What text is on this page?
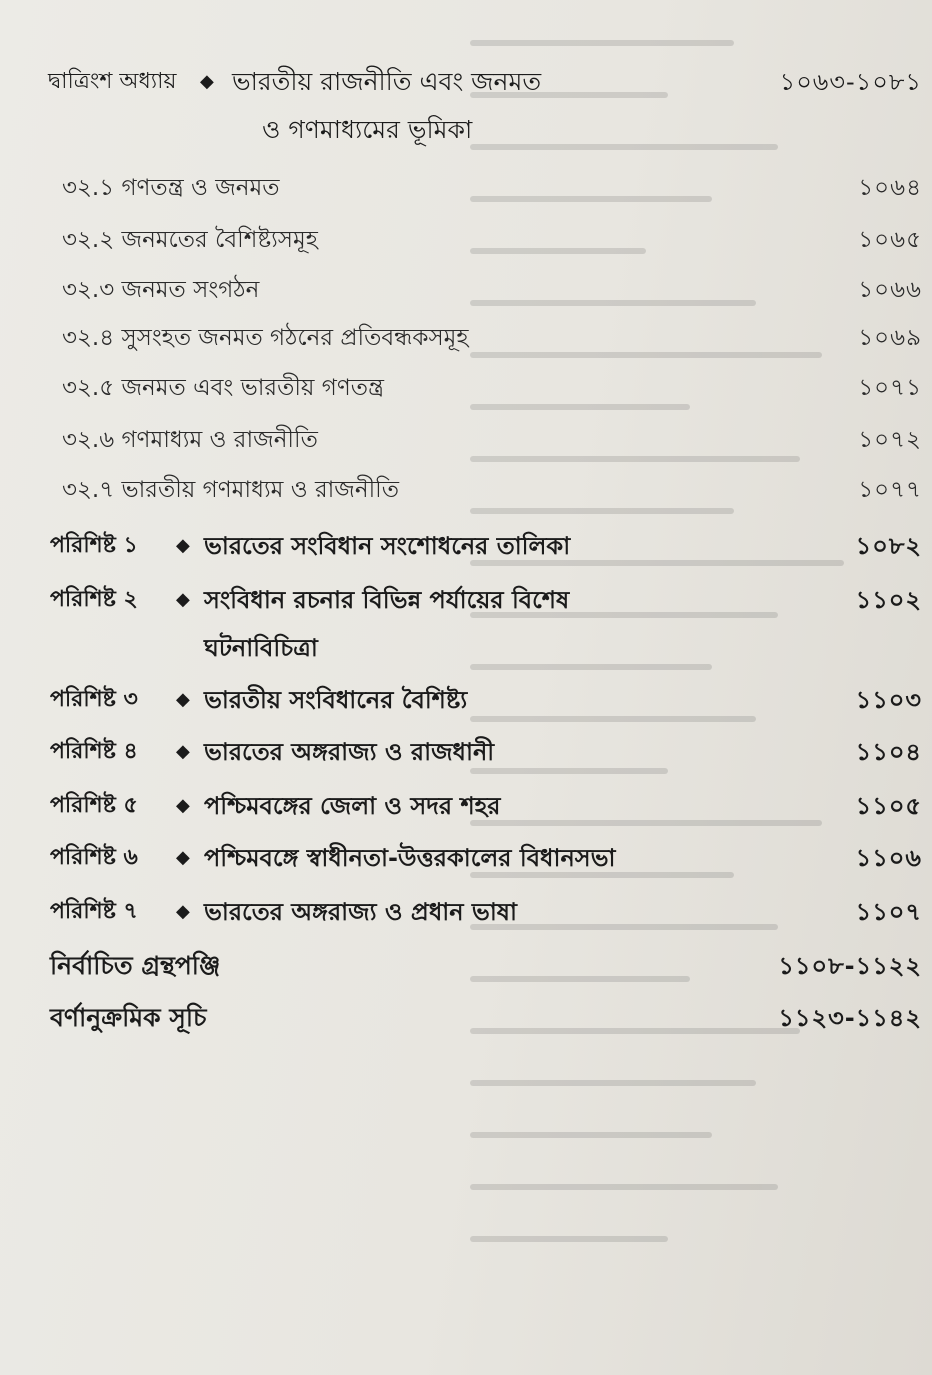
দ্বাত্রিংশ অধ্যায় ◆ ভারতীয় রাজনীতি এবং জনমত	১০৬৩-১০৮১
ও গণমাধ্যমের ভূমিকা
৩২.১ গণতন্ত্র ও জনমত	১০৬৪
৩২.২ জনমতের বৈশিষ্ট্যসমূহ	১০৬৫
৩২.৩ জনমত সংগঠন	১০৬৬
৩২.৪ সুসংহত জনমত গঠনের প্রতিবন্ধকসমূহ	১০৬৯
৩২.৫ জনমত এবং ভারতীয় গণতন্ত্র	১০৭১
৩২.৬ গণমাধ্যম ও রাজনীতি	১০৭২
৩২.৭ ভারতীয় গণমাধ্যম ও রাজনীতি	১০৭৭
পরিশিষ্ট ১ ◆ ভারতের সংবিধান সংশোধনের তালিকা	১০৮২
পরিশিষ্ট ২ ◆ সংবিধান রচনার বিভিন্ন পর্যায়ের বিশেষ	১১০২
ঘটনাবিচিত্রা
পরিশিষ্ট ৩ ◆ ভারতীয় সংবিধানের বৈশিষ্ট্য	১১০৩
পরিশিষ্ট ৪ ◆ ভারতের অঙ্গরাজ্য ও রাজধানী	১১০৪
পরিশিষ্ট ৫ ◆ পশ্চিমবঙ্গের জেলা ও সদর শহর	১১০৫
পরিশিষ্ট ৬ ◆ পশ্চিমবঙ্গে স্বাধীনতা-উত্তরকালের বিধানসভা	১১০৬
পরিশিষ্ট ৭ ◆ ভারতের অঙ্গরাজ্য ও প্রধান ভাষা	১১০৭
নির্বাচিত গ্রন্থপঞ্জি	১১০৮-১১২২
বর্ণানুক্রমিক সূচি	১১২৩-১১৪২
